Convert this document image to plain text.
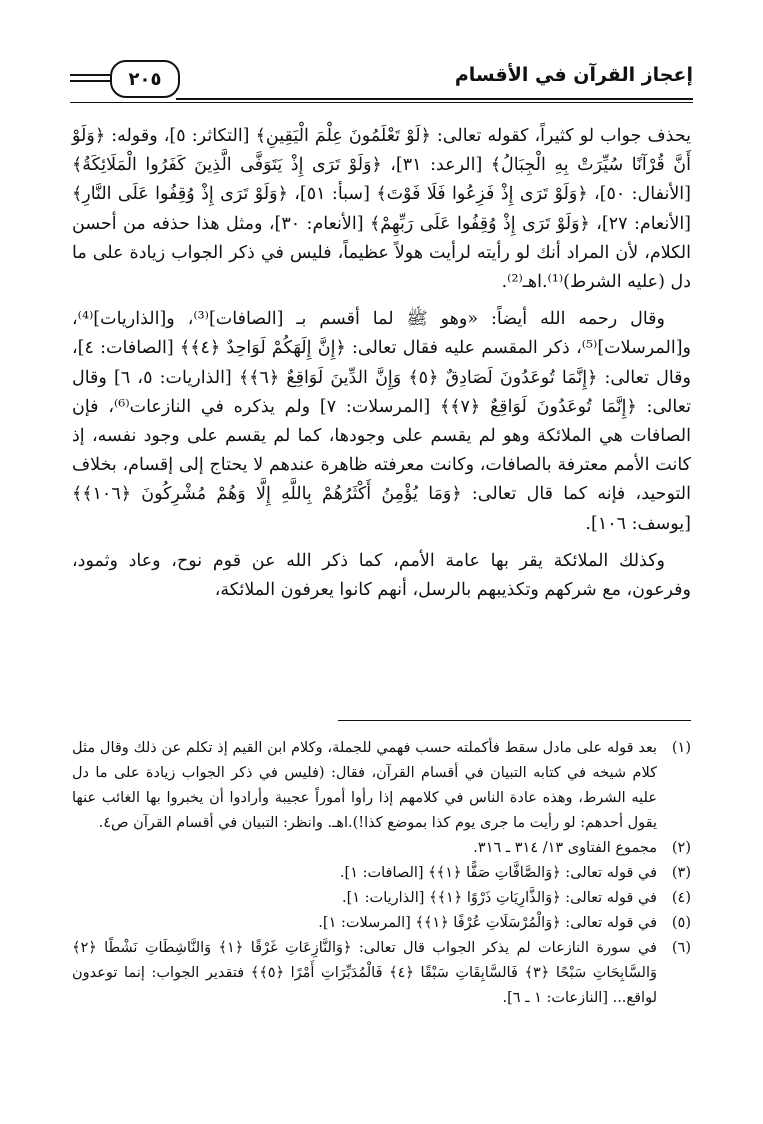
إعجاز القرآن في الأقسام
٢٠٥

يحذف جواب لو كثيراً، كقوله تعالى: ﴿لَوْ تَعْلَمُونَ عِلْمَ الْيَقِينِ﴾ [التكاثر: ٥]، وقوله: ﴿وَلَوْ أَنَّ قُرْآنًا سُيِّرَتْ بِهِ الْجِبَالُ﴾ [الرعد: ٣١]، ﴿وَلَوْ تَرَى إِذْ يَتَوَفَّى الَّذِينَ كَفَرُوا الْمَلَائِكَةُ﴾ [الأنفال: ٥٠]، ﴿وَلَوْ تَرَى إِذْ فَزِعُوا فَلَا فَوْتَ﴾ [سبأ: ٥١]، ﴿وَلَوْ تَرَى إِذْ وُقِفُوا عَلَى النَّارِ﴾ [الأنعام: ٢٧]، ﴿وَلَوْ تَرَى إِذْ وُقِفُوا عَلَى رَبِّهِمْ﴾ [الأنعام: ٣٠]، ومثل هذا حذفه من أحسن الكلام، لأن المراد أنك لو رأيته لرأيت هولاً عظيماً، فليس في ذكر الجواب زيادة على ما دل (عليه الشرط)⁽¹⁾.اهـ⁽²⁾.

وقال رحمه الله أيضاً: «وهو ﷺ لما أقسم بـ [الصافات]⁽³⁾، و[الذاريات]⁽⁴⁾، و[المرسلات]⁽⁵⁾، ذكر المقسم عليه فقال تعالى: ﴿إِنَّ إِلَهَكُمْ لَوَاحِدٌ ﴿٤﴾﴾ [الصافات: ٤]، وقال تعالى: ﴿إِنَّمَا تُوعَدُونَ لَصَادِقٌ ﴿٥﴾ وَإِنَّ الدِّينَ لَوَاقِعٌ ﴿٦﴾﴾ [الذاريات: ٥، ٦] وقال تعالى: ﴿إِنَّمَا تُوعَدُونَ لَوَاقِعٌ ﴿٧﴾﴾ [المرسلات: ٧] ولم يذكره في النازعات⁽⁶⁾، فإن الصافات هي الملائكة وهو لم يقسم على وجودها، كما لم يقسم على وجود نفسه، إذ كانت الأمم معترفة بالصافات، وكانت معرفته ظاهرة عندهم لا يحتاج إلى إقسام، بخلاف التوحيد، فإنه كما قال تعالى: ﴿وَمَا يُؤْمِنُ أَكْثَرُهُمْ بِاللَّهِ إِلَّا وَهُمْ مُشْرِكُونَ ﴿١٠٦﴾﴾ [يوسف: ١٠٦].

وكذلك الملائكة يقر بها عامة الأمم، كما ذكر الله عن قوم نوح، وعاد وثمود، وفرعون، مع شركهم وتكذيبهم بالرسل، أنهم كانوا يعرفون الملائكة،

(١)
بعد قوله على مادل سقط فأكملته حسب فهمي للجملة، وكلام ابن القيم إذ تكلم عن ذلك وقال مثل كلام شيخه في كتابه التبيان في أقسام القرآن، فقال: (فليس في ذكر الجواب زيادة على ما دل عليه الشرط، وهذه عادة الناس في كلامهم إذا رأوا أموراً عجيبة وأرادوا أن يخبروا بها الغائب عنها يقول أحدهم: لو رأيت ما جرى يوم كذا بموضع كذا!).اهـ. وانظر: التبيان في أقسام القرآن ص٤.
(٢)
مجموع الفتاوى ١٣/ ٣١٤ ـ ٣١٦.
(٣)
في قوله تعالى: ﴿وَالصَّافَّاتِ صَفًّا ﴿١﴾﴾ [الصافات: ١].
(٤)
في قوله تعالى: ﴿وَالذَّارِيَاتِ ذَرْوًا ﴿١﴾﴾ [الذاريات: ١].
(٥)
في قوله تعالى: ﴿وَالْمُرْسَلَاتِ عُرْفًا ﴿١﴾﴾ [المرسلات: ١].
(٦)
في سورة النازعات لم يذكر الجواب قال تعالى: ﴿وَالنَّازِعَاتِ غَرْقًا ﴿١﴾ وَالنَّاشِطَاتِ نَشْطًا ﴿٢﴾ وَالسَّابِحَاتِ سَبْحًا ﴿٣﴾ فَالسَّابِقَاتِ سَبْقًا ﴿٤﴾ فَالْمُدَبِّرَاتِ أَمْرًا ﴿٥﴾﴾ فتقدير الجواب: إنما توعدون لواقع... [النازعات: ١ ـ ٦].
